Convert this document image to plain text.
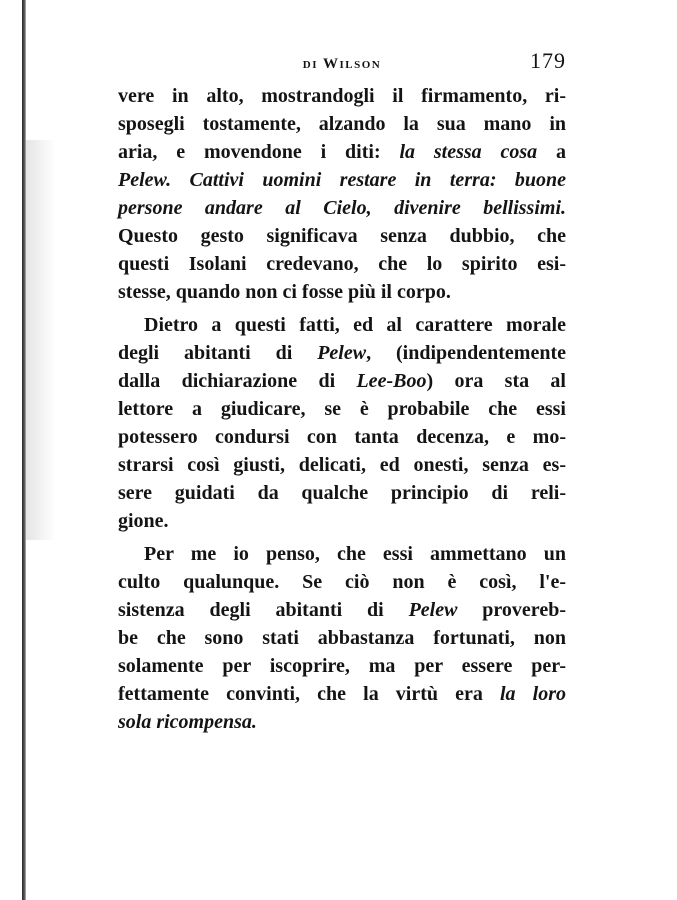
di Wilson	179
vere in alto, mostrandogli il firmamento, ri-
sposegli tostamente, alzando la sua mano in
aria, e movendone i diti: la stessa cosa a
Pelew. Cattivi uomini restare in terra: buone
persone andare al Cielo, divenire bellissimi.
Questo gesto significava senza dubbio, che
questi Isolani credevano, che lo spirito esi-
stesse, quando non ci fosse più il corpo.
Dietro a questi fatti, ed al carattere morale
degli abitanti di Pelew, (indipendentemente
dalla dichiarazione di Lee-Boo) ora sta al
lettore a giudicare, se è probabile che essi
potessero condursi con tanta decenza, e mo-
strarsi così giusti, delicati, ed onesti, senza es-
sere guidati da qualche principio di reli-
gione.
Per me io penso, che essi ammettano un
culto qualunque. Se ciò non è così, l'e-
sistenza degli abitanti di Pelew provereb-
be che sono stati abbastanza fortunati, non
solamente per iscoprire, ma per essere per-
fettamente convinti, che la virtù era la loro
sola ricompensa.
